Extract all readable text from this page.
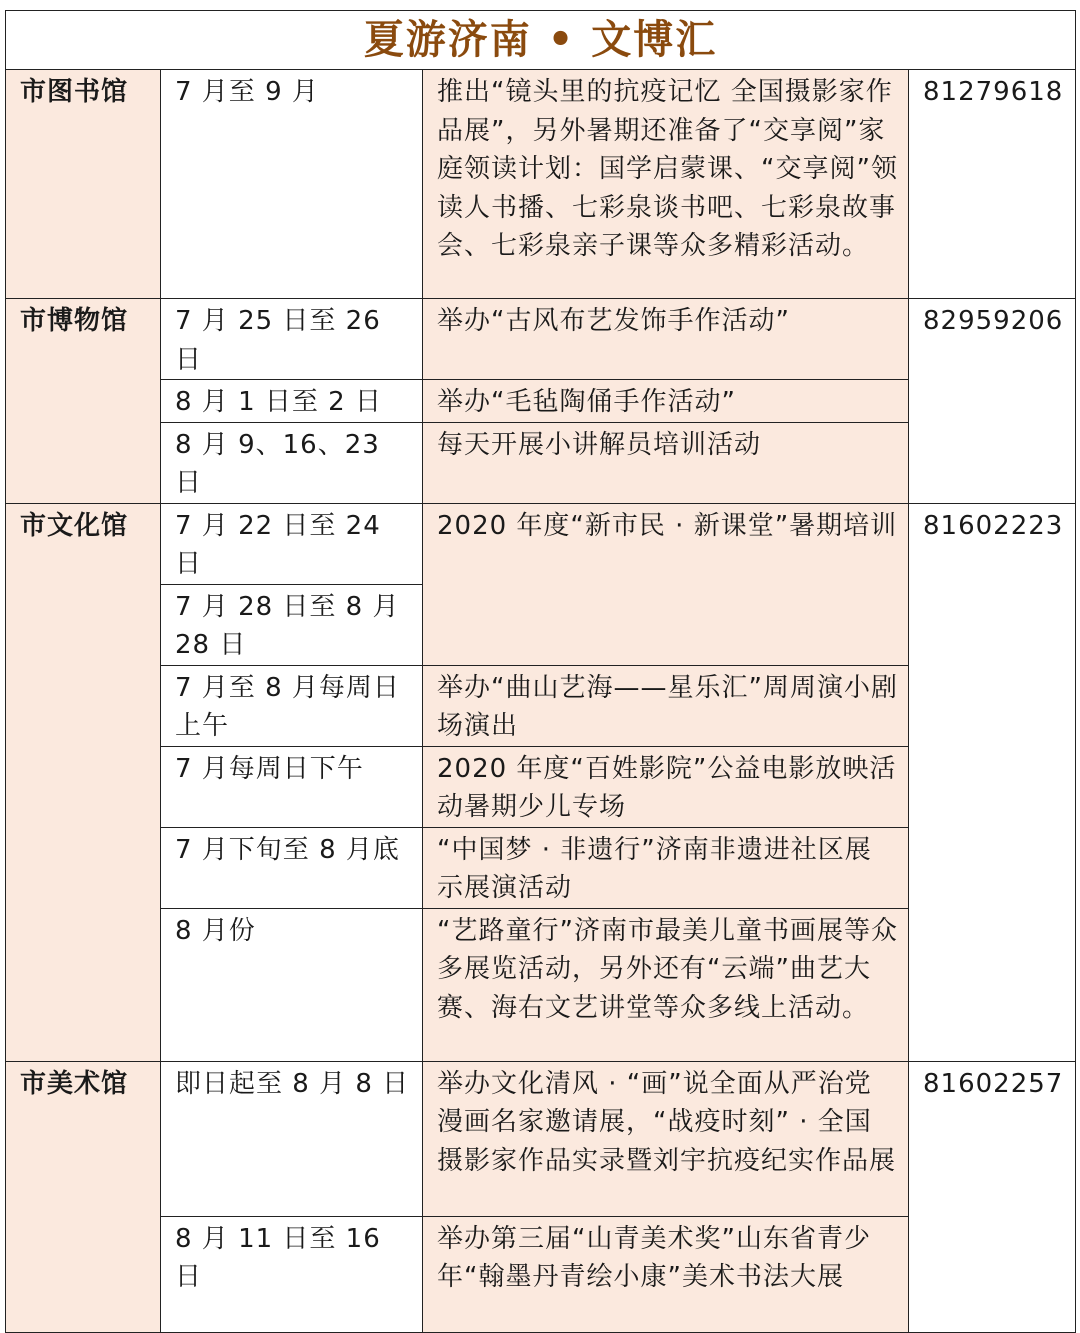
夏游济南 • 文博汇			
市图书馆	7 月至 9 月	推出“镜头里的抗疫记忆 全国摄影家作品展”，另外暑期还准备了“交享阅”家庭领读计划：国学启蒙课、“交享阅”领读人书播、七彩泉谈书吧、七彩泉故事会、七彩泉亲子课等众多精彩活动。	81279618
市博物馆	7 月 25 日至 26 日	举办“古风布艺发饰手作活动”	82959206
	8 月 1 日至 2 日	举办“毛毡陶俑手作活动”	
	8 月 9、16、23 日	每天开展小讲解员培训活动	
市文化馆	7 月 22 日至 24 日	2020 年度“新市民 · 新课堂”暑期培训	81602223
	7 月 28 日至 8 月 28 日		
	7 月至 8 月每周日上午	举办“曲山艺海——星乐汇”周周演小剧场演出	
	7 月每周日下午	2020 年度“百姓影院”公益电影放映活动暑期少儿专场	
	7 月下旬至 8 月底	“中国梦 · 非遗行”济南非遗进社区展示展演活动	
	8 月份	“艺路童行”济南市最美儿童书画展等众多展览活动，另外还有“云端”曲艺大赛、海右文艺讲堂等众多线上活动。	
市美术馆	即日起至 8 月 8 日	举办文化清风 · “画”说全面从严治党漫画名家邀请展，“战疫时刻” · 全国摄影家作品实录暨刘宇抗疫纪实作品展	81602257
	8 月 11 日至 16 日	举办第三届“山青美术奖”山东省青少年“翰墨丹青绘小康”美术书法大展	
